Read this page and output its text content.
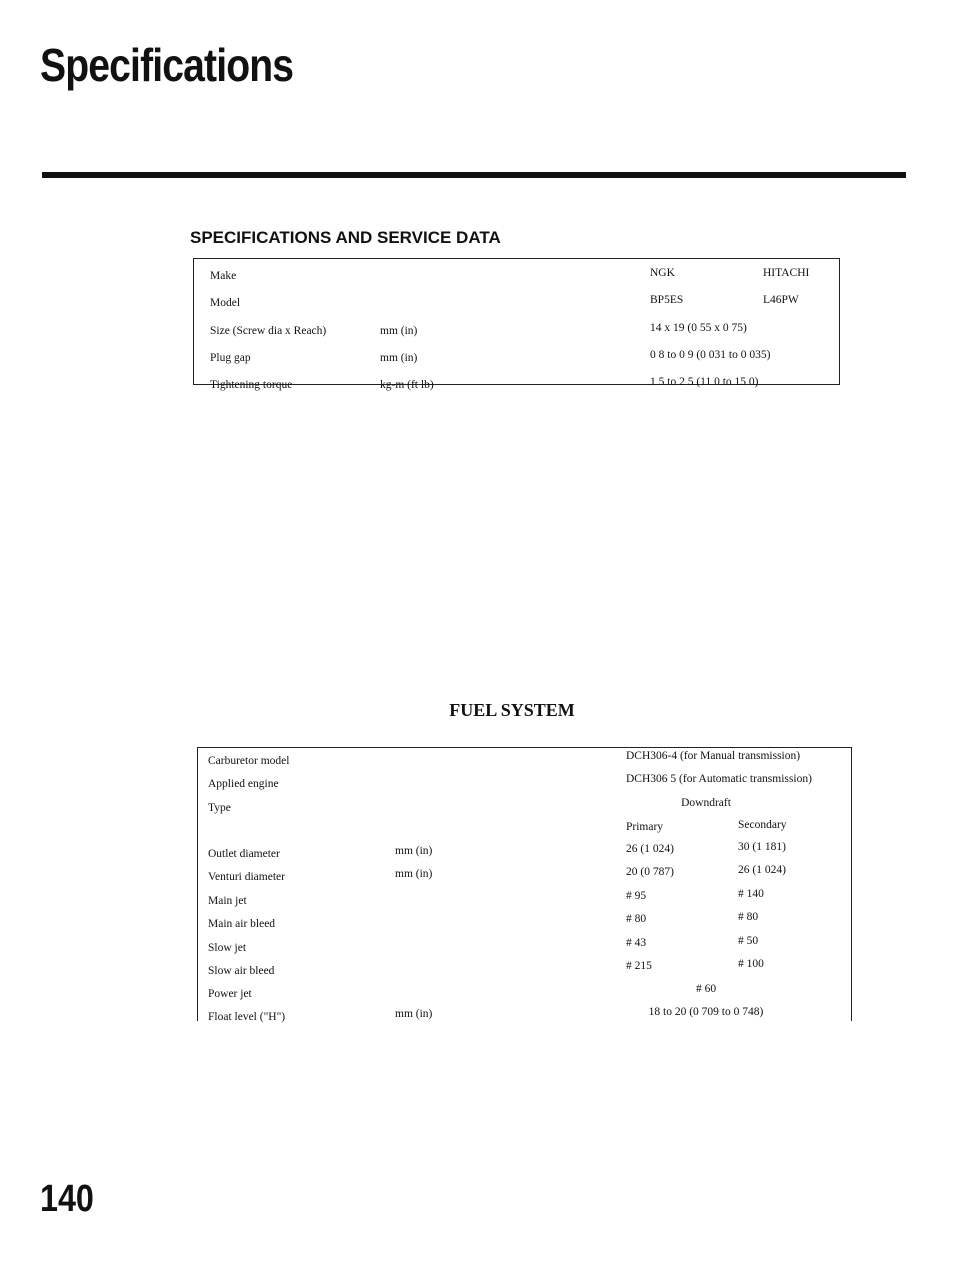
Specifications
SPECIFICATIONS AND SERVICE DATA
FUEL SYSTEM
140
Make	NGK	HITACHI
Model	BP5ES	L46PW
Size (Screw dia x Reach)	mm (in)	14 x 19 (0 55 x 0 75)
Plug gap	mm (in)	0 8 to 0 9 (0 031 to 0 035)
Tightening torque	kg-m (ft lb)	1 5 to 2 5 (11 0 to 15 0)
Carburetor model	DCH306-4 (for Manual transmission)
Applied engine	DCH306 5 (for Automatic transmission)
Type	Downdraft
Primary	Secondary
Outlet diameter	mm (in)	26 (1 024)	30 (1 181)
Venturi diameter	mm (in)	20 (0 787)	26 (1 024)
Main jet	# 95	# 140
Main air bleed	# 80	# 80
Slow jet	# 43	# 50
Slow air bleed	# 215	# 100
Power jet	# 60
Float level ("H")	mm (in)	18 to 20 (0 709 to 0 748)
